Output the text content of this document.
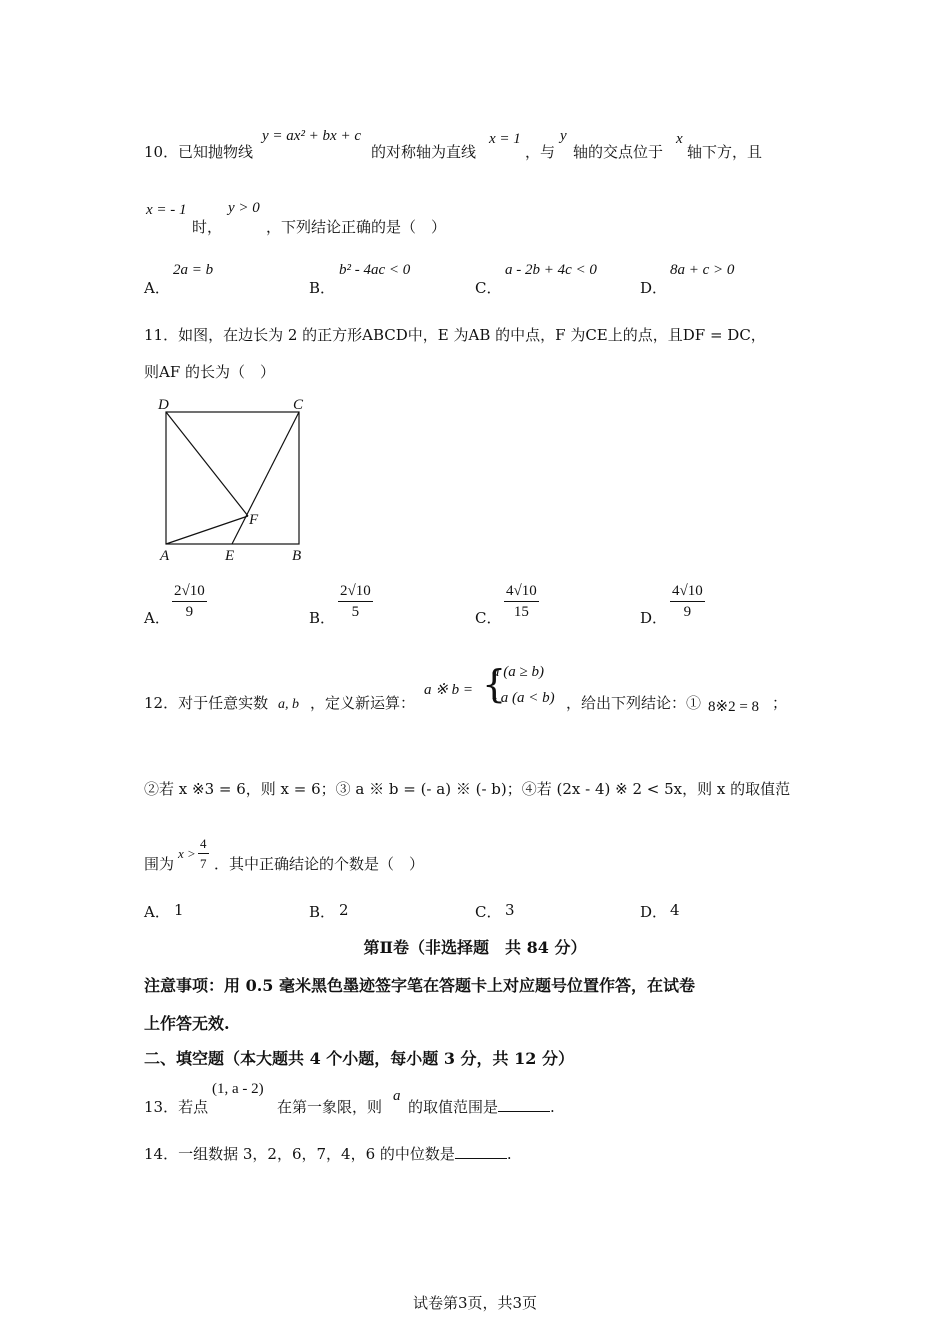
10． 已知抛物线
y = ax² + bx + c
的对称轴为直线
x = 1
，与
y
轴的交点位于
x
轴下方，且
x = - 1
时，
y > 0
，下列结论正确的是（　）
A．
2a = b
B．
b² - 4ac < 0
C．
a - 2b + 4c < 0
D．
8a + c > 0
11．如图，在边长为 2 的正方形ABCD中，E 为AB 的中点，F 为CE上的点，且DF = DC，
则AF 的长为（　）
D	C
A	E	B
F
A． $\frac{2√10}{9}$	B． $\frac{2√10}{5}$	C． $\frac{4√10}{15}$	D． $\frac{4√10}{9}$
12．对于任意实数 a, b ，定义新运算：
a ※ b = {
a (a ≥ b)
- a (a < b) ，给出下列结论：① 8※2 = 8 ；
②若 x ※3 = 6，则 x = 6；③ a ※ b = (- a) ※ (- b)；④若 (2x - 4) ※ 2 < 5x，则 x 的取值范
围为
$x > \frac{4}{7}$ ．其中正确结论的个数是（　）
A． 1	B． 2	C． 3	D． 4
第Ⅱ卷（非选择题　共 84 分）
注意事项：用 0.5 毫米黑色墨迹签字笔在答题卡上对应题号位置作答，在试卷
上作答无效.
二、填空题（本大题共 4 个小题，每小题 3 分，共 12 分）
13．若点
(1, a - 2)
在第一象限，则
a
的取值范围是	.
14．一组数据 3，2，6，7，4，6 的中位数是	.
试卷第3页，共3页
